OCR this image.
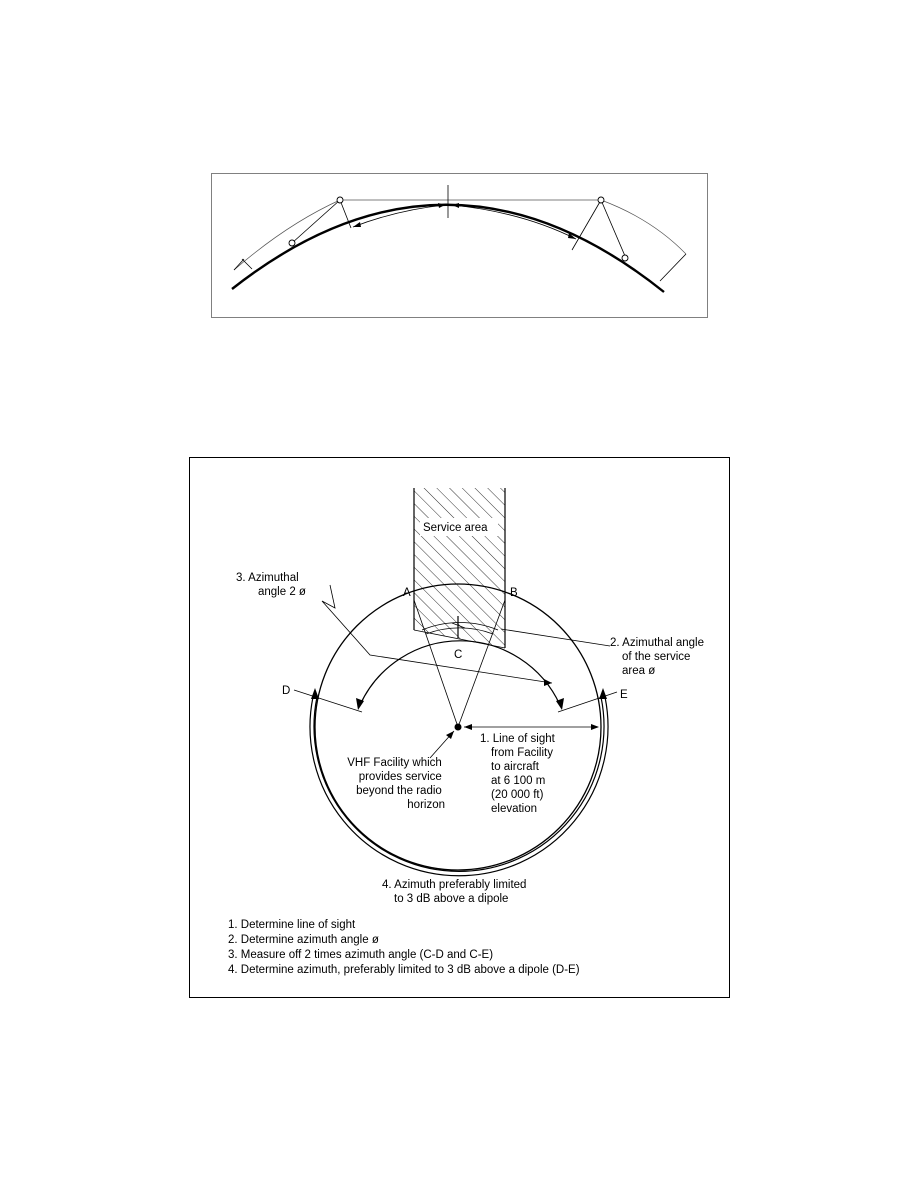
Service area
A	B
C
D	E
3. Azimuthal angle 2 ø
2. Azimuthal angle of the service area ø
1. Line of sight from Facility to aircraft at 6 100 m (20 000 ft) elevation
VHF Facility which provides service beyond the radio horizon
4. Azimuth preferably limited to 3 dB above a dipole
1. Determine line of sight
2. Determine azimuth angle ø
3. Measure off 2 times azimuth angle (C-D and C-E)
4. Determine azimuth, preferably limited to 3 dB above a dipole (D-E)
